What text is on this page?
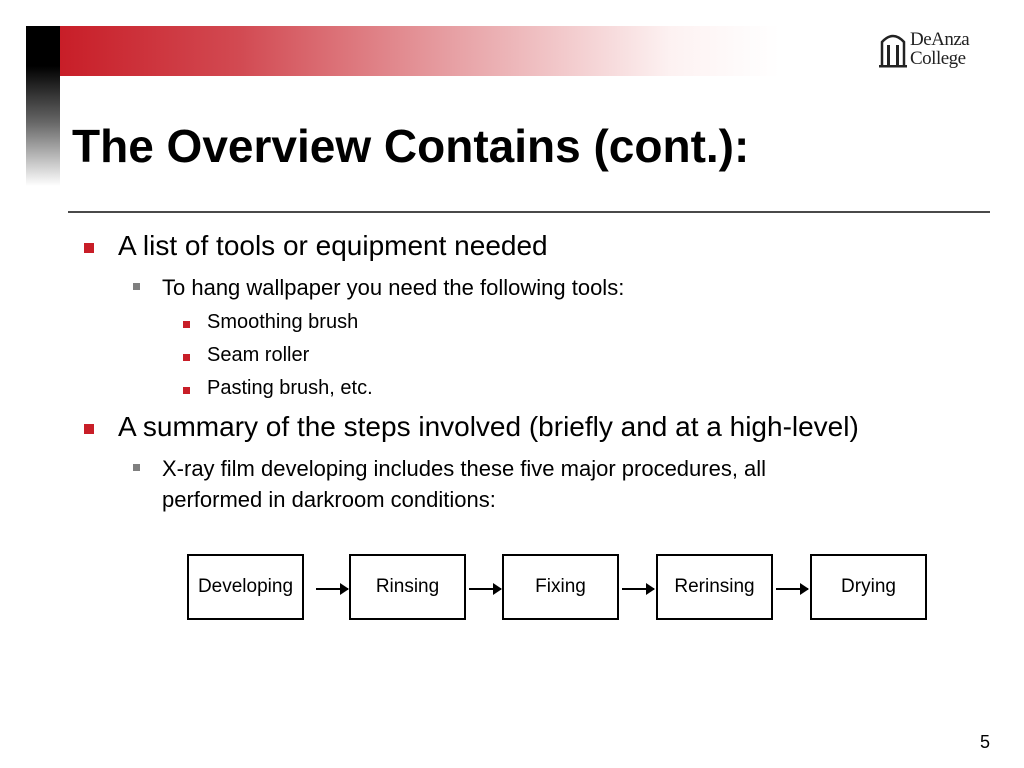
DeAnza
College
The Overview Contains (cont.):
A list of tools or equipment needed
To hang wallpaper you need the following tools:
Smoothing brush
Seam roller
Pasting brush, etc.
A summary of the steps involved (briefly and at a high-level)
X-ray film developing includes these five major procedures, all
performed in darkroom conditions:
Developing	Rinsing	Fixing	Rerinsing	Drying
5
